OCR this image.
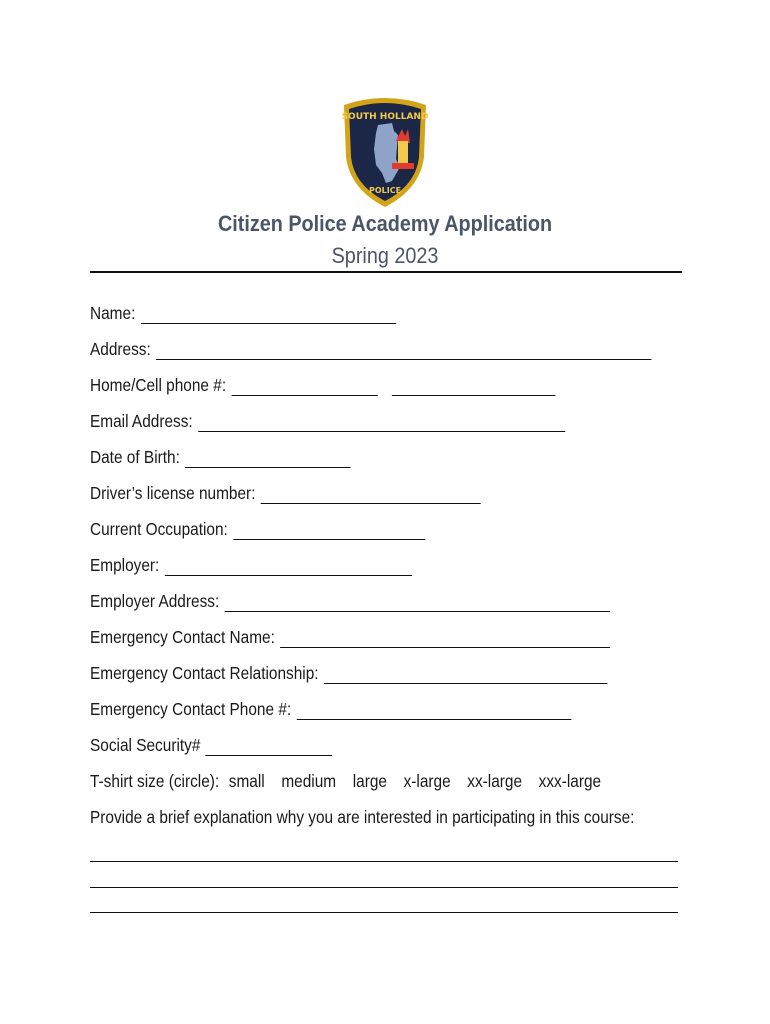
SOUTH HOLLAND
POLICE
Citizen Police Academy Application
Spring 2023
Name:
Address:
Home/Cell phone #:
Email Address:
Date of Birth:
Driver’s license number:
Current Occupation:
Employer:
Employer Address:
Emergency Contact Name:
Emergency Contact Relationship:
Emergency Contact Phone #:
Social Security#
T-shirt size (circle): small medium large x-large xx-large xxx-large
Provide a brief explanation why you are interested in participating in this course:
